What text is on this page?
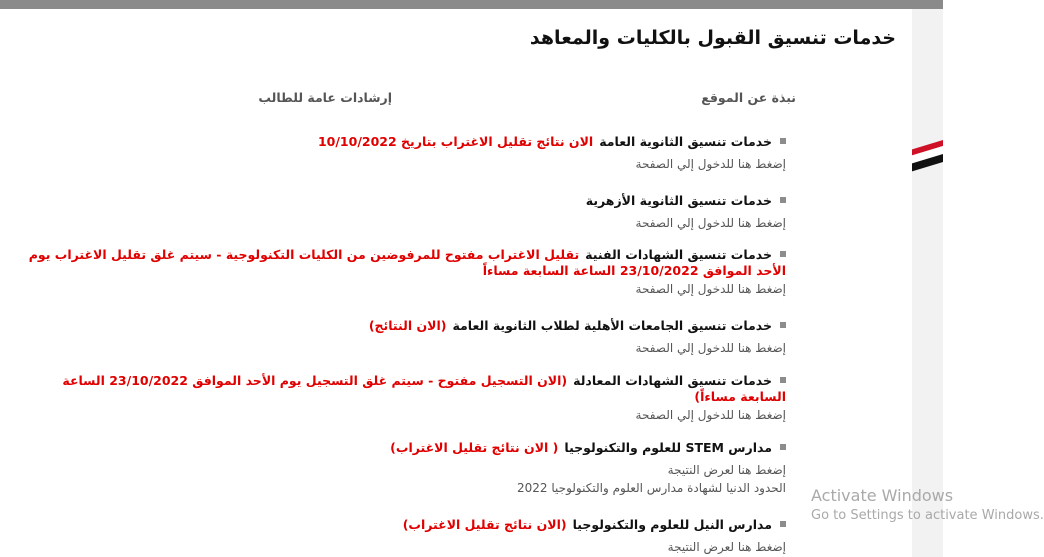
خدمات تنسيق القبول بالكليات والمعاهد
نبذة عن الموقع
إرشادات عامة للطالب
خدمات تنسيق الثانوية العامةالان نتائج تقليل الاغتراب بتاريخ 10/10/2022
إضغط هنا للدخول إلي الصفحة
خدمات تنسيق الثانوية الأزهرية
إضغط هنا للدخول إلي الصفحة
خدمات تنسيق الشهادات الفنيةتقليل الاغتراب مفتوح للمرفوضين من الكليات التكنولوجية - سيتم غلق تقليل الاغتراب يوم الأحد الموافق 23/10/2022 الساعة السابعة مساءاً
إضغط هنا للدخول إلي الصفحة
خدمات تنسيق الجامعات الأهلية لطلاب الثانوية العامة(الان النتائج)
إضغط هنا للدخول إلي الصفحة
خدمات تنسيق الشهادات المعادلة(الان التسجيل مفتوح - سيتم غلق التسجيل يوم الأحد الموافق 23/10/2022 الساعة السابعة مساءاً)
إضغط هنا للدخول إلي الصفحة
مدارس STEM للعلوم والتكنولوجيا( الان نتائج تقليل الاغتراب)
إضغط هنا لعرض النتيجة
الحدود الدنيا لشهادة مدارس العلوم والتكنولوجيا 2022
مدارس النيل للعلوم والتكنولوجيا(الان نتائج تقليل الاغتراب)
إضغط هنا لعرض النتيجة
Activate Windows
Go to Settings to activate Windows.
